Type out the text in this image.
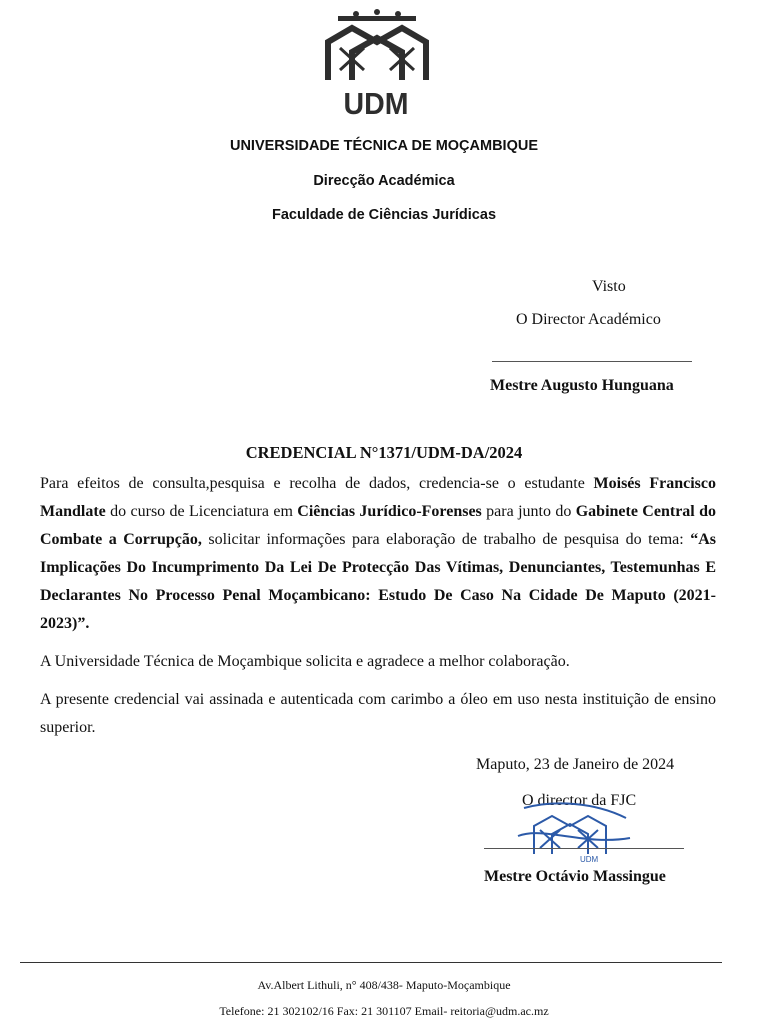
UDM
UNIVERSIDADE TÉCNICA DE MOÇAMBIQUE
Direcção Académica
Faculdade de Ciências Jurídicas
Visto
O Director Académico
Mestre Augusto Hunguana
CREDENCIAL N°1371/UDM-DA/2024
Para efeitos de consulta,pesquisa e recolha de dados, credencia-se o estudante Moisés Francisco Mandlate do curso de Licenciatura em Ciências Jurídico-Forenses para junto do Gabinete Central do Combate a Corrupção, solicitar informações para elaboração de trabalho de pesquisa do tema: “As Implicações Do Incumprimento Da Lei De Protecção Das Vítimas, Denunciantes, Testemunhas E Declarantes No Processo Penal Moçambicano: Estudo De Caso Na Cidade De Maputo (2021-2023)”.
A Universidade Técnica de Moçambique solicita e agradece a melhor colaboração.
A presente credencial vai assinada e autenticada com carimbo a óleo em uso nesta instituição de ensino superior.
Maputo, 23 de Janeiro de 2024
O director da FJC
UDM
Mestre Octávio Massingue
Av.Albert Lithuli, n° 408/438- Maputo-Moçambique
Telefone: 21 302102/16 Fax: 21 301107 Email- reitoria@udm.ac.mz
